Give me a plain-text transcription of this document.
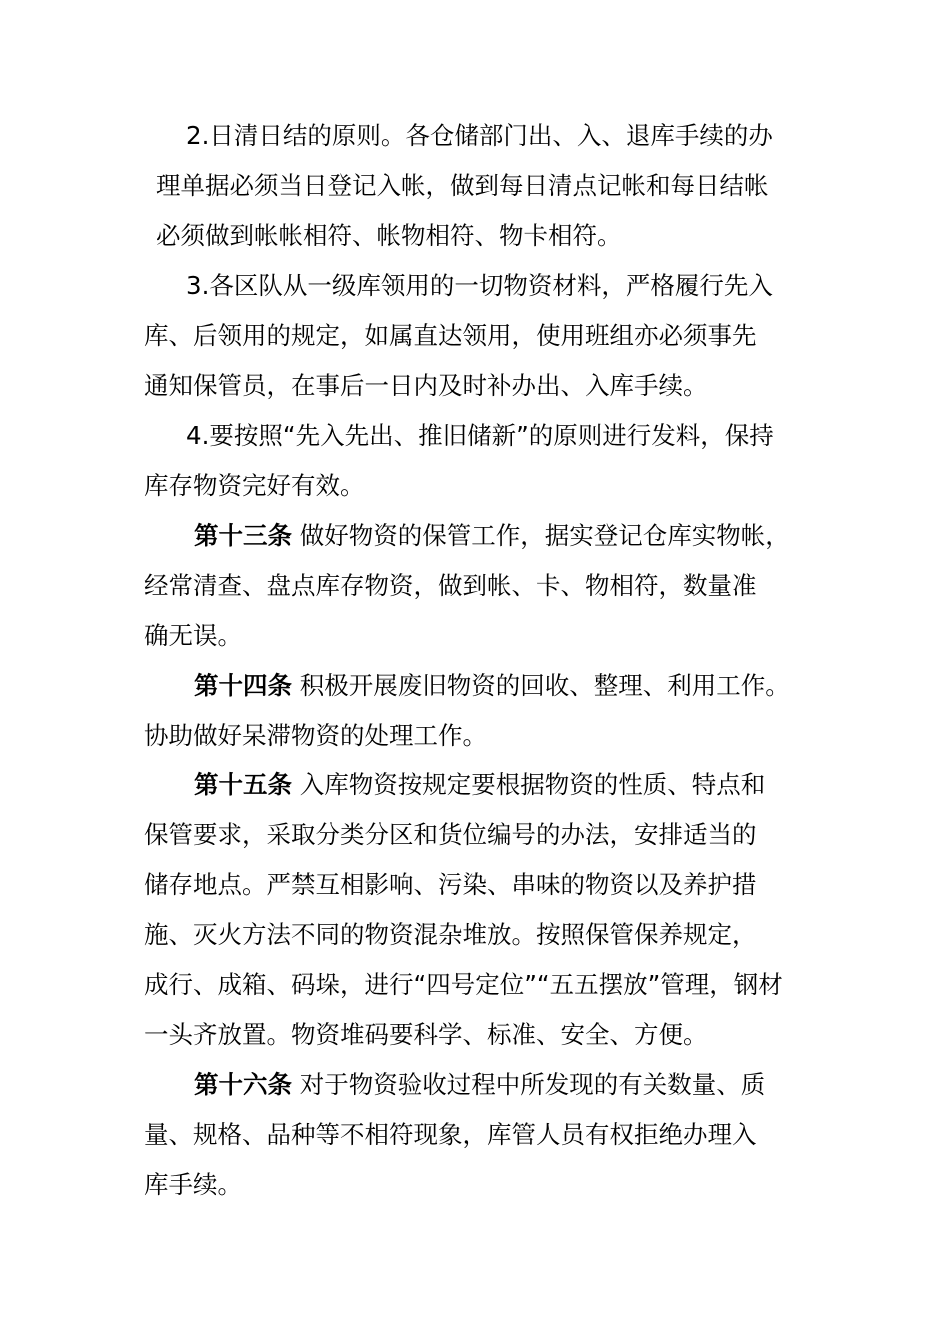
2.日清日结的原则。各仓储部门出、入、退库手续的办
理单据必须当日登记入帐，做到每日清点记帐和每日结帐
必须做到帐帐相符、帐物相符、物卡相符。
3.各区队从一级库领用的一切物资材料，严格履行先入
库、后领用的规定，如属直达领用，使用班组亦必须事先
通知保管员，在事后一日内及时补办出、入库手续。
4.要按照“先入先出、推旧储新”的原则进行发料，保持
库存物资完好有效。
第十三条 做好物资的保管工作，据实登记仓库实物帐，
经常清查、盘点库存物资，做到帐、卡、物相符，数量准
确无误。
第十四条 积极开展废旧物资的回收、整理、利用工作。
协助做好呆滞物资的处理工作。
第十五条 入库物资按规定要根据物资的性质、特点和
保管要求，采取分类分区和货位编号的办法，安排适当的
储存地点。严禁互相影响、污染、串味的物资以及养护措
施、灭火方法不同的物资混杂堆放。按照保管保养规定，
成行、成箱、码垛，进行“四号定位”“五五摆放”管理，钢材
一头齐放置。物资堆码要科学、标准、安全、方便。
第十六条 对于物资验收过程中所发现的有关数量、质
量、规格、品种等不相符现象，库管人员有权拒绝办理入
库手续。
